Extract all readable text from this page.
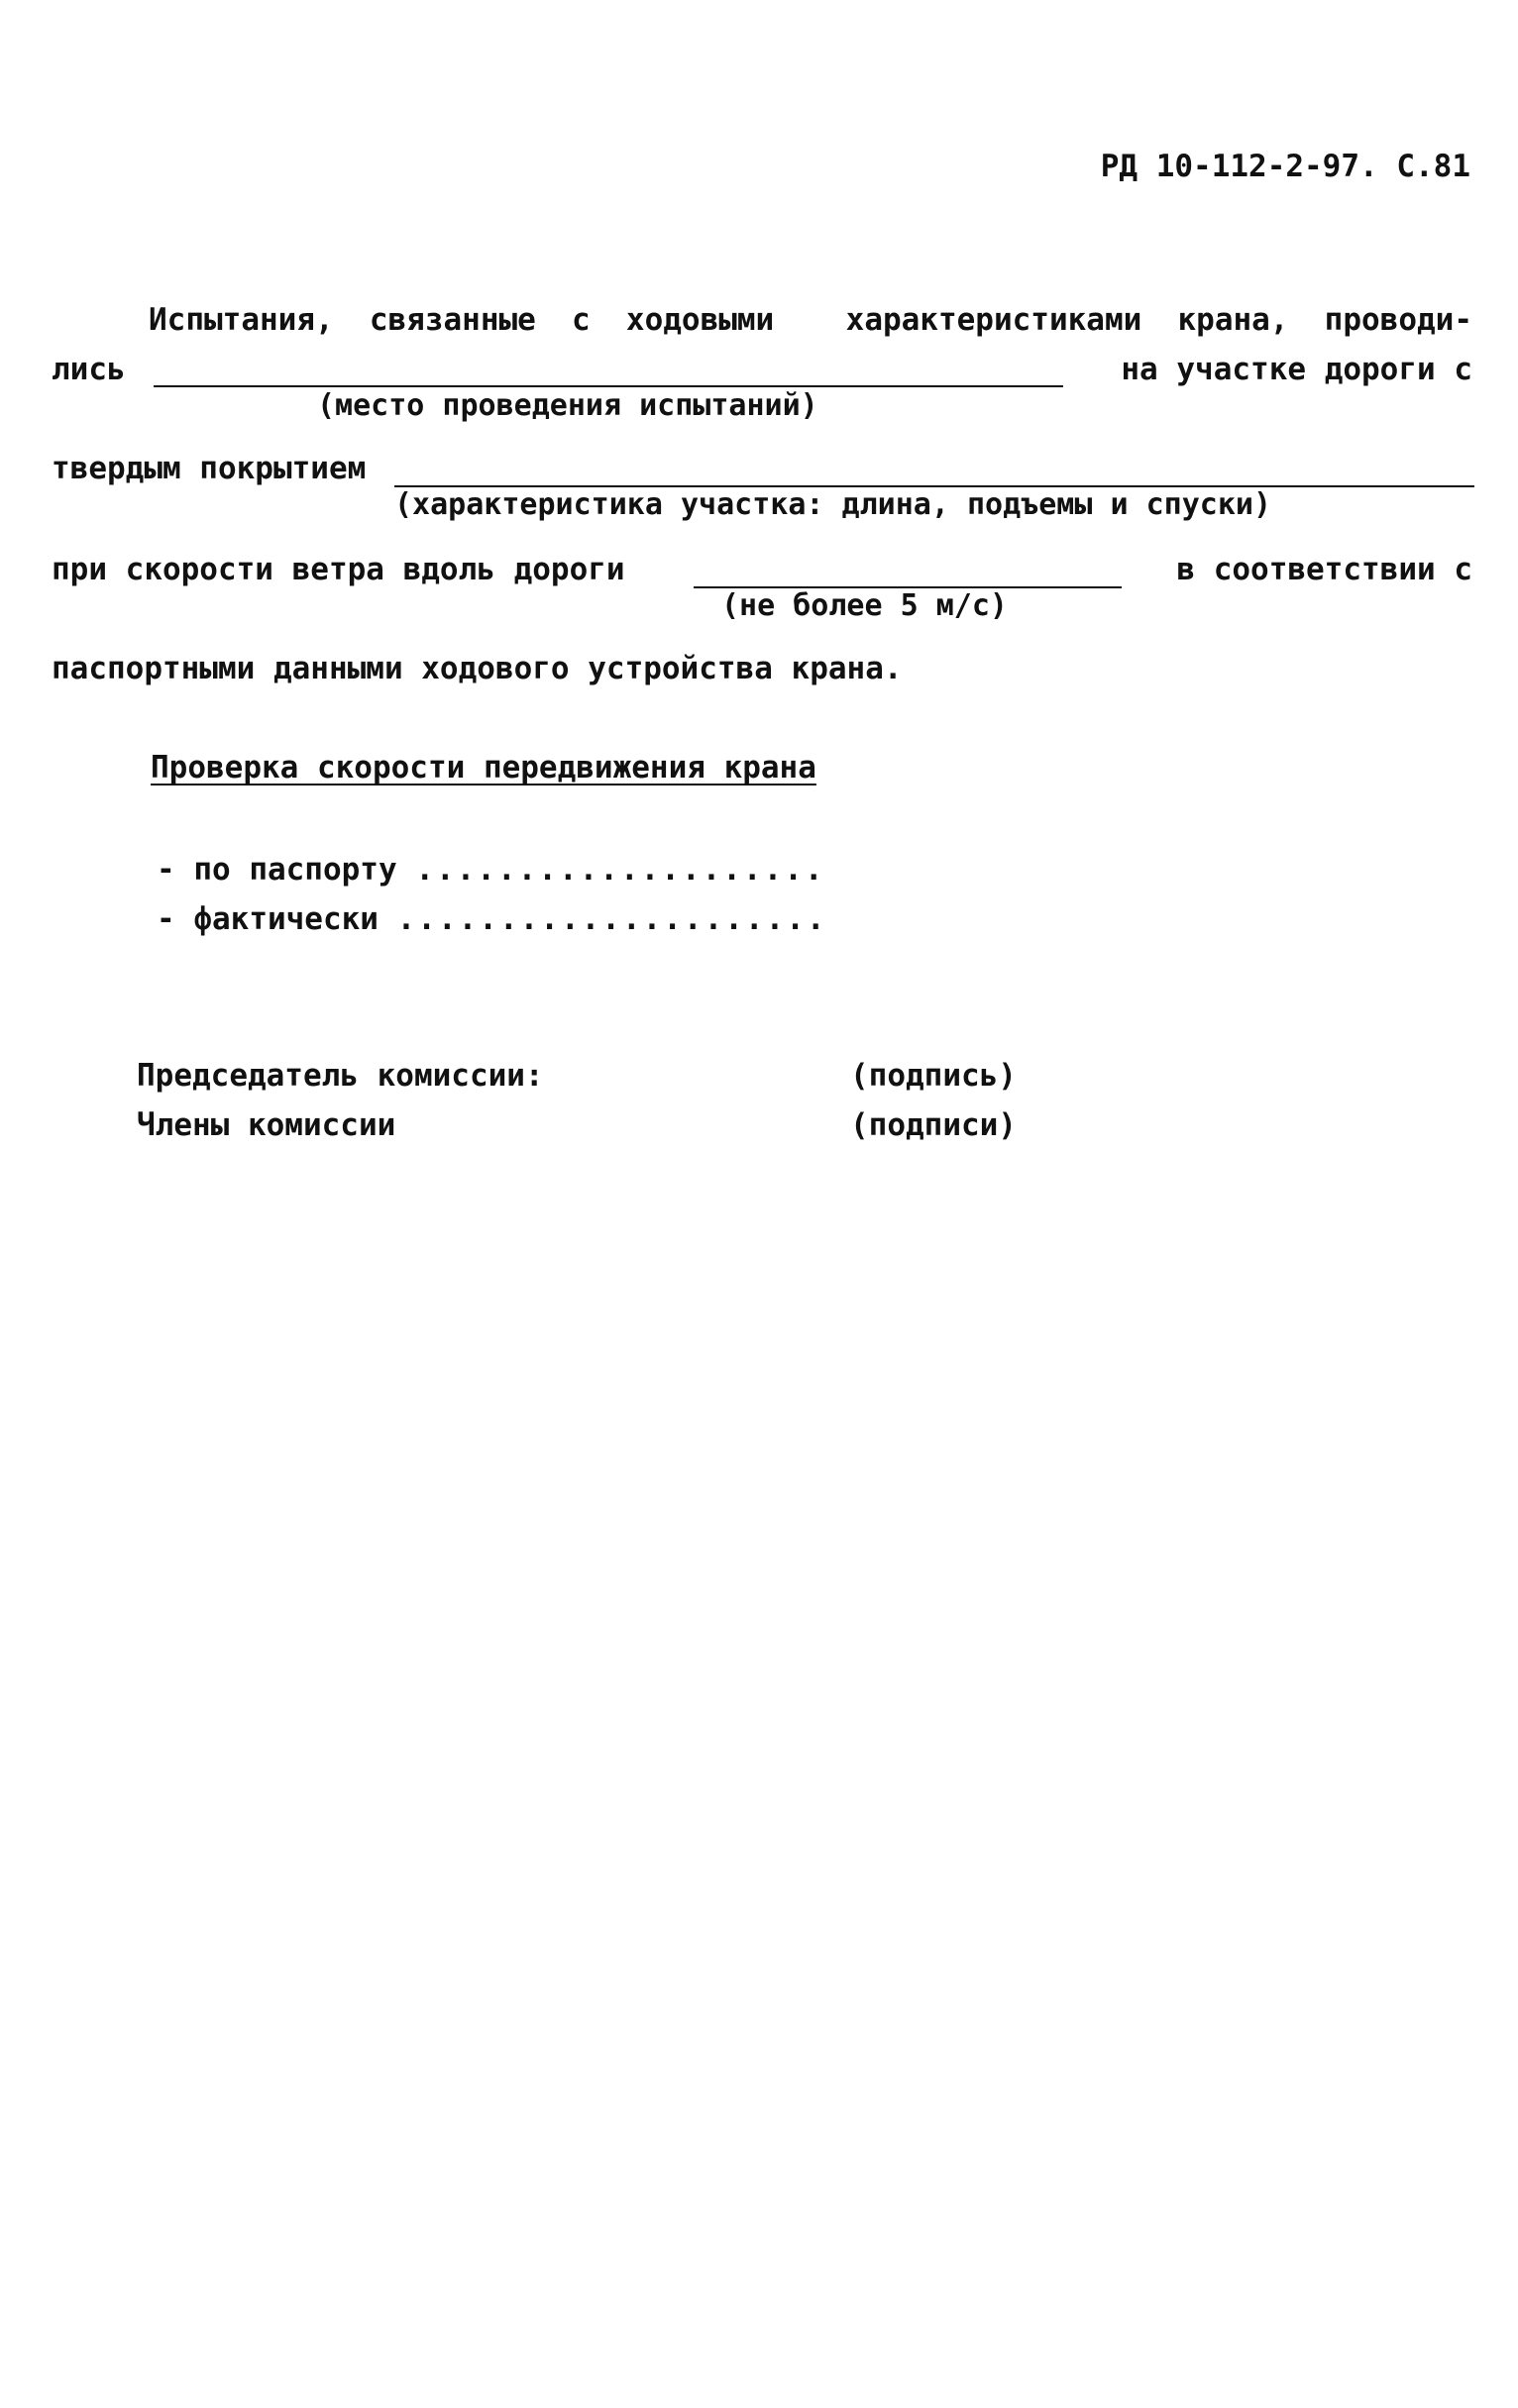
РД 10-112-2-97. С.81
Испытания, связанные с ходовыми  характеристиками крана, проводи-
лись	на участке дороги с
(место проведения испытаний)
твердым покрытием
(характеристика участка: длина, подъемы и спуски)
при скорости ветра вдоль дороги	в соответствии с
(не более 5 м/с)
паспортными данными ходового устройства крана.
Проверка скорости передвижения крана
- по паспорту ....................
- фактически .....................
Председатель комиссии:	(подпись)
Члены комиссии	(подписи)
